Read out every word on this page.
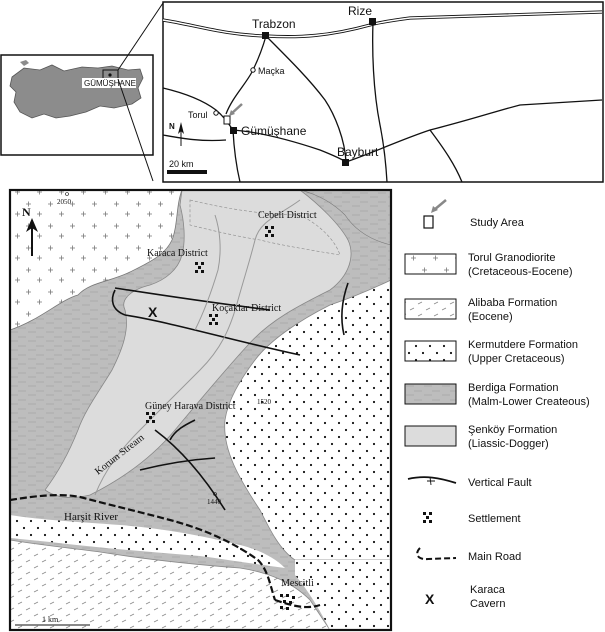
GÜMÜŞHANE
Trabzon
Rize
Maçka
Torul
Gümüşhane
Bayburt
N
20 km
N
2050
1520
1440
Cebeli District
Karaca District
Koçaklar District
Güney Harava District
Mescitli
Korum Stream
Harşit River
X
1 km
Study Area
Torul Granodiorite
(Cretaceous-Eocene)
Alibaba Formation
(Eocene)
Kermutdere Formation
(Upper Cretaceous)
Berdiga Formation
(Malm-Lower Createous)
Şenköy Formation
(Liassic-Dogger)
Vertical Fault
Settlement
Main Road
X
Karaca
Cavern
